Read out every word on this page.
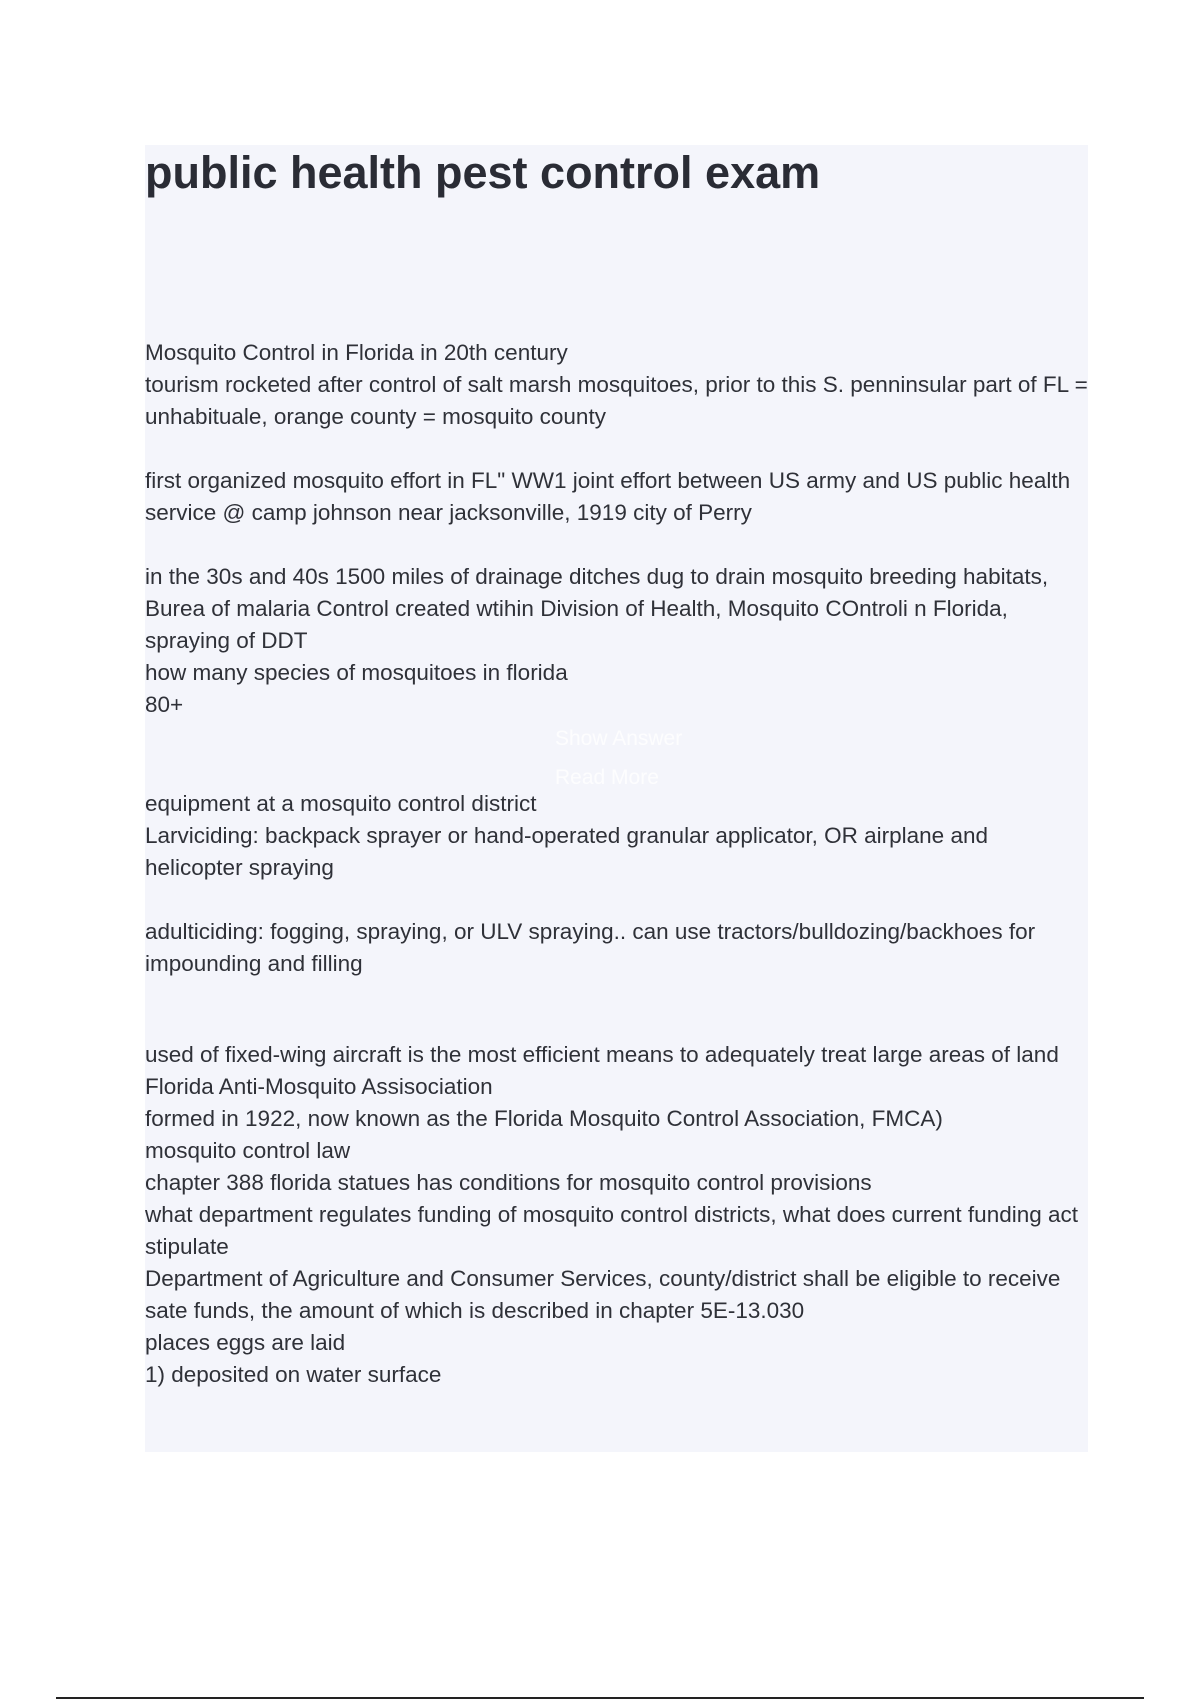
public health pest control exam

Mosquito Control in Florida in 20th century

tourism rocketed after control of salt marsh mosquitoes, prior to this S. penninsular part of FL = unhabituale, orange county = mosquito county

first organized mosquito effort in FL" WW1 joint effort between US army and US public health service @ camp johnson near jacksonville, 1919 city of Perry

in the 30s and 40s 1500 miles of drainage ditches dug to drain mosquito breeding habitats, Burea of malaria Control created wtihin Division of Health, Mosquito COntroli n Florida, spraying of DDT

how many species of mosquitoes in florida

80+

equipment at a mosquito control district

Larviciding: backpack sprayer or hand-operated granular applicator, OR airplane and helicopter spraying

adulticiding: fogging, spraying, or ULV spraying.. can use tractors/bulldozing/backhoes for impounding and filling

used of fixed-wing aircraft is the most efficient means to adequately treat large areas of land

Florida Anti-Mosquito Assisociation

formed in 1922, now known as the Florida Mosquito Control Association, FMCA)

mosquito control law

chapter 388 florida statues has conditions for mosquito control provisions

what department regulates funding of mosquito control districts, what does current funding act stipulate

Department of Agriculture and Consumer Services, county/district shall be eligible to receive sate funds, the amount of which is described in chapter 5E-13.030

places eggs are laid

1) deposited on water surface

Show Answer
Read More
